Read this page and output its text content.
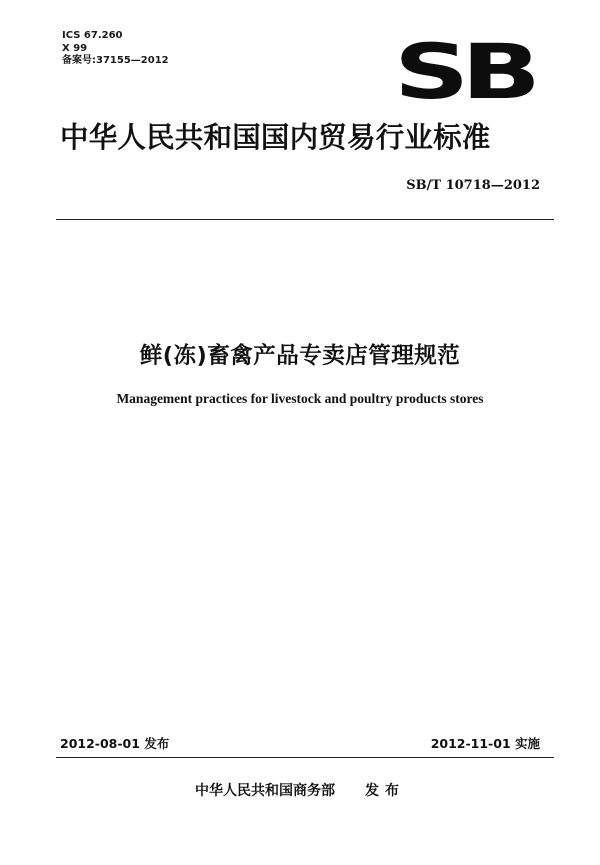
ICS 67.260
X 99
备案号:37155—2012	SB
中华人民共和国国内贸易行业标准
SB/T 10718—2012
鲜(冻)畜禽产品专卖店管理规范
Management practices for livestock and poultry products stores
2012-08-01 发布	2012-11-01 实施
中华人民共和国商务部 发布
